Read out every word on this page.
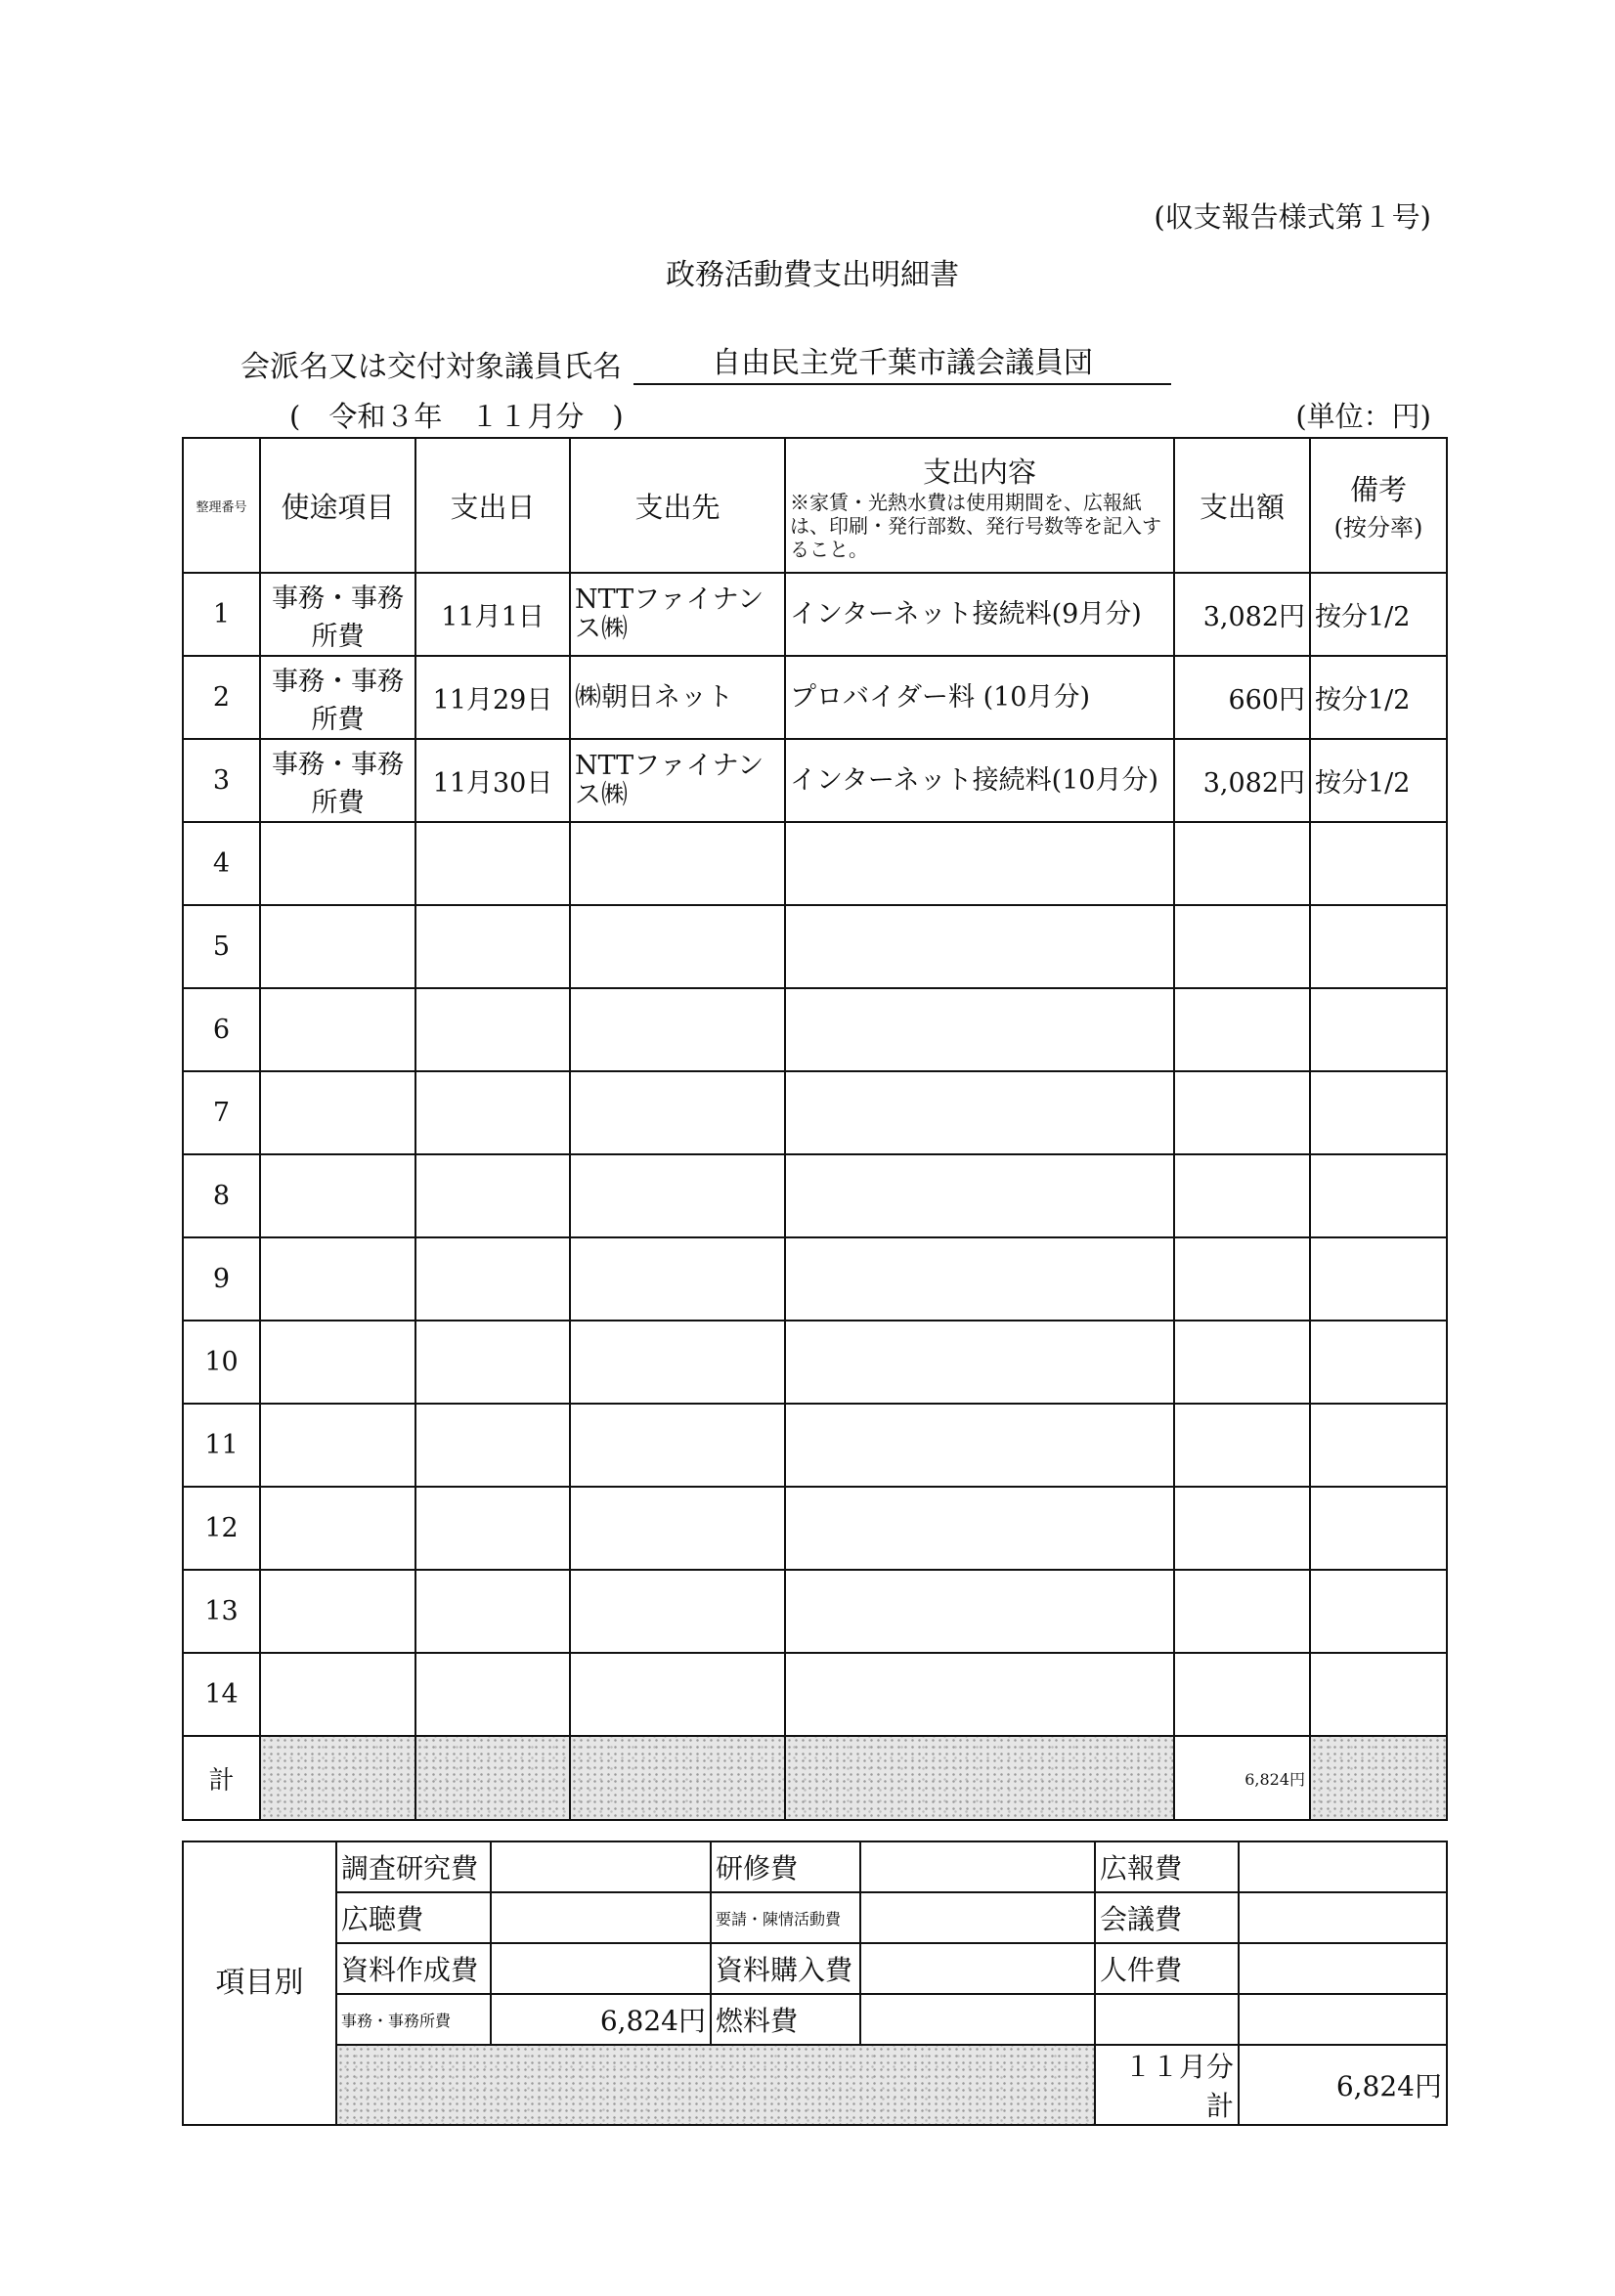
(収支報告様式第１号)
政務活動費支出明細書
会派名又は交付対象議員氏名	自由民主党千葉市議会議員団
(　令和３年　１１月分　)	(単位：円)
整理番号	使途項目	支出日	支出先	支出内容
※家賃・光熱水費は使用期間を、広報紙は、印刷・発行部数、発行号数等を記入すること。	支出額	備考
(按分率)

1	事務・事務所費	11月1日	NTTファイナンス㈱	インターネット接続料(9月分)	3,082円	按分1/2
2	事務・事務所費	11月29日	㈱朝日ネット	プロバイダー料 (10月分)	660円	按分1/2
3	事務・事務所費	11月30日	NTTファイナンス㈱	インターネット接続料(10月分)	3,082円	按分1/2
4						
5						
6						
7						
8						
9						
10						
11						
12						
13						
14						
計					6,824円	
項目別	調査研究費		研修費		広報費	
	広聴費		要請・陳情活動費		会議費	
	資料作成費		資料購入費		人件費	
	事務・事務所費	6,824円	燃料費			
					１１月分計	6,824円
